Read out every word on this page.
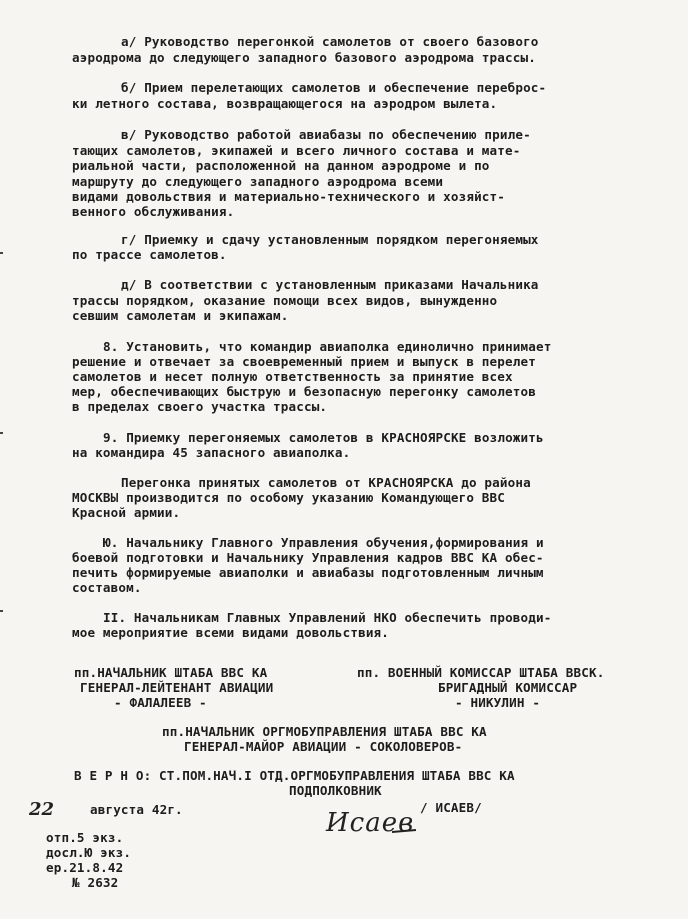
а/ Руководство перегонкой самолетов от своего базового
аэродрома до следующего западного базового аэродрома трассы.
б/ Прием перелетающих самолетов и обеспечение переброс-
ки летного состава, возвращающегося на аэродром вылета.
в/ Руководство работой авиабазы по обеспечению приле-
тающих самолетов, экипажей и всего личного состава и мате-
риальной части, расположенной на данном аэродроме и по
маршруту до следующего западного аэродрома всеми
видами довольствия и материально-технического и хозяйст-
венного обслуживания.
г/ Приемку и сдачу установленным порядком перегоняемых
по трассе самолетов.
д/ В соответствии с установленным приказами Начальника
трассы порядком, оказание помощи всех видов, вынужденно
севшим самолетам и экипажам.
8. Установить, что командир авиаполка единолично принимает
решение и отвечает за своевременный прием и выпуск в перелет
самолетов и несет полную ответственность за принятие всех
мер, обеспечивающих быструю и безопасную перегонку самолетов
в пределах своего участка трассы.
9. Приемку перегоняемых самолетов в КРАСНОЯРСКЕ возложить
на командира 45 запасного авиаполка.
Перегонка принятых самолетов от КРАСНОЯРСКА до района
МОСКВЫ производится по особому указанию Командующего ВВС
Красной армии.
Ю. Начальнику Главного Управления обучения,формирования и
боевой подготовки и Начальнику Управления кадров ВВС КА обес-
печить формируемые авиаполки и авиабазы подготовленным личным
составом.
II. Начальникам Главных Управлений НКО обеспечить проводи-
мое мероприятие всеми видами довольствия.
пп.НАЧАЛЬНИК ШТАБА ВВС КА
ГЕНЕРАЛ-ЛЕЙТЕНАНТ АВИАЦИИ
- ФАЛАЛЕЕВ -
пп. ВОЕННЫЙ КОМИССАР ШТАБА ВВСК.
БРИГАДНЫЙ КОМИССАР
- НИКУЛИН -
пп.НАЧАЛЬНИК ОРГМОБУПРАВЛЕНИЯ ШТАБА ВВС КА
ГЕНЕРАЛ-МАЙОР АВИАЦИИ - СОКОЛОВЕРОВ-
В Е Р Н О: СТ.ПОМ.НАЧ.I ОТД.ОРГМОБУПРАВЛЕНИЯ ШТАБА ВВС КА
ПОДПОЛКОВНИК
22	августа 42г.	Исаев
/ ИСАЕВ/
отп.5 экз.
досл.Ю экз.
ер.21.8.42
№ 2632
